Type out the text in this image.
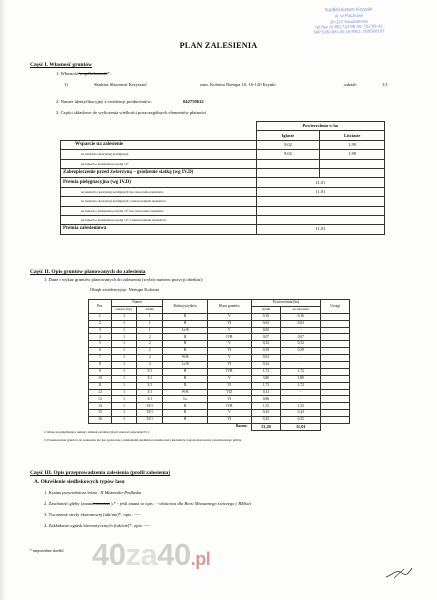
Nadleśnictwo Kryzaki
ul. w Pocztowy
16-113 Szudzielowo
tel./fax (0-85) 722 98 40, 722 98 41
NIP 545-000-26-16 REG. 050508197
PLAN ZALESIENIA
Część I. Własność gruntów
1. Własność/współwłasność*:
1)	Skubisz Sławomir Krzysztof	zam. Kolonia Nietupa 10, 16-120 Krynki	, udział:	1/1
2. Numer identyfikacyjny z ewidencji producentów:	042759632
3. Części składowe do wyliczenia wielkości poszczególnych elementów płatności
	Powierzchnia w ha	
	Iglaste	Liściaste
Wsparcie na zalesienie	9,02	1,99
na terenach o korzystnej konfiguracji	9,02	1,99
na stokach o nachyleniu powyżej 12°		
Zabezpieczenie przed zwierzyną – grodzenie siatką (wg IV.D)		
Premia pielęgnacyjna (wg IV.D)	11,01	
na terenach o korzystnej konfiguracji bez stosowania repelentów	11,01	
na terenach o korzystnej konfiguracji z zastosowaniem repelentów		
na stokach o nachyleniu powyżej 12° bez stosowania repelentów		
na stokach o nachyleniu powyżej 12° z zastosowaniem repelentów		
Premia zalesieniowa	11,01	
Część II. Opis gruntów planowanych do zalesienia
1. Dane i wykaz gruntów planowanych do zalesienia (wybór numeru pozycji obiektu):
Obręb ewidencyjny: Nietupa Kolonia
Poz.	Numer		Rodzaj użytków	Klasa gruntów	Powierzchnia (ha)		Uwagi
	arkusza mapy	działki			działki	do zalesienia	
1	1	1	R	V	0,16	0,16	
2	1	1	R	VI	0,63	0,63	
3	1	1	Ls-R	V	0,65	-	
4	1	2	R	IVB	0,07	0,07	
5	1	2	R	V	0,32	0,32	
6	1	2	R	VI	0,39	0,39	
7	1	2	W-R	V	0,03	-	
8	1	2	Ls-R	VI	0,32	-	
9	1	3/1	R	IVB	1,72	1,72	
10	1	3/1	R	V	3,80	3,80	
11	1	3/1	R	VI	1,72	1,72	
12	1	3/1	W-R	VIZ	0,31	-	
13	1	3/1	Ls	VI	0,86	-	
14	1	55/1	R	IVB	1,52	1,52	
15	1	55/1	R	V	0,43	0,43	
16	1	55/1	R	VI	0,25	0,25	
Razem:					13,20	11,01	
2. Mapa uwzględniająca numery działek ewidencyjnych stanowi załącznik Nr 1.
3. Przeznaczenie gruntów do zalesienia nie jest sprzeczne z ustaleniami studium uwarunkowań i kierunków zagospodarowania przestrzennego gminy.
Część III. Opis przeprowadzenia zalesienia (profil zalesienia)
A. Określenie siedliskowych typów lasu
1. Kraina przyrodnicza leśna : II Mazursko-Podlaska
2. Zasobność gleby (znana/niemana ),* - jeśli znana to opis : - właściwa dla Boru Mieszanego świeżego ( BMśw)
3. Tworzenie strefy ekotonowej (tak/nie)*, opis : ----
4. Zakładanie ognisk bioenotycznych (tak/nie)*, opis: ----
* niepotrzebne skreślić 40za40.pl
